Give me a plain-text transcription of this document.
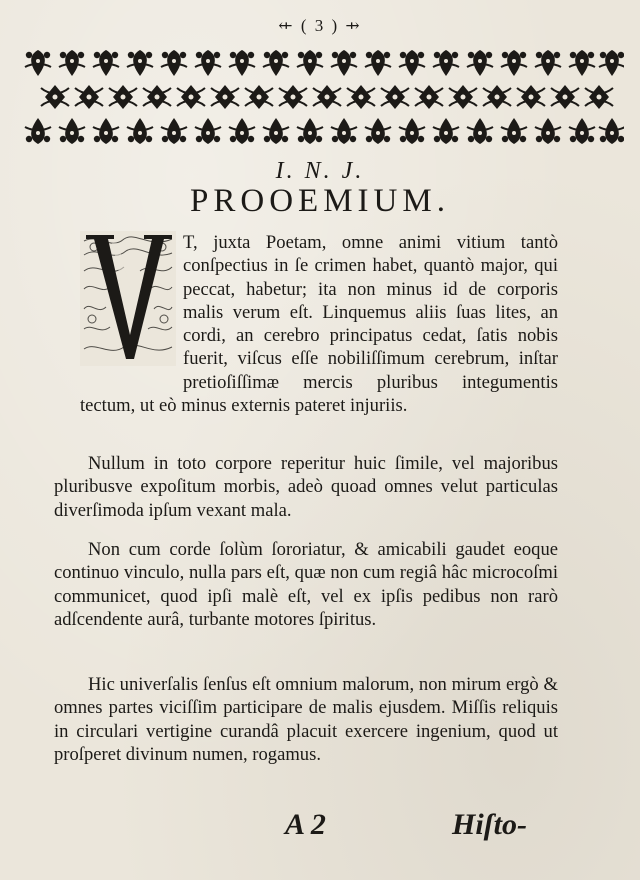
⇷ ( 3 ) ⇸
I. N. J.
PROOEMIUM.
T, juxta Poetam, omne animi vitium tantò conſpectius in ſe crimen habet, quantò major, qui peccat, habetur; ita non minus id de corporis malis verum eſt. Linquemus aliis ſuas lites, an cordi, an cerebro principatus cedat, ſatis nobis fuerit, viſcus eſſe nobiliſſimum cerebrum, inſtar pretioſiſſimæ mercis pluribus integumentis tectum, ut eò minus externis pateret injuriis.
Nullum in toto corpore reperitur huic ſimile, vel majoribus pluribusve expoſitum morbis, adeò quoad omnes velut particulas diverſimoda ipſum vexant mala.
Non cum corde ſolùm ſororiatur, & amicabili gaudet eoque continuo vinculo, nulla pars eſt, quæ non cum regiâ hâc microcoſmi communicet, quod ipſi malè eſt, vel ex ipſis pedibus non rarò adſcendente aurâ, turbante motores ſpiritus.
Hic univerſalis ſenſus eſt omnium malorum, non mirum ergò & omnes partes viciſſim participare de malis ejusdem. Miſſis reliquis in circulari vertigine curandâ placuit exercere ingenium, quod ut proſperet divinum numen, rogamus.
A 2	Hiſto-
